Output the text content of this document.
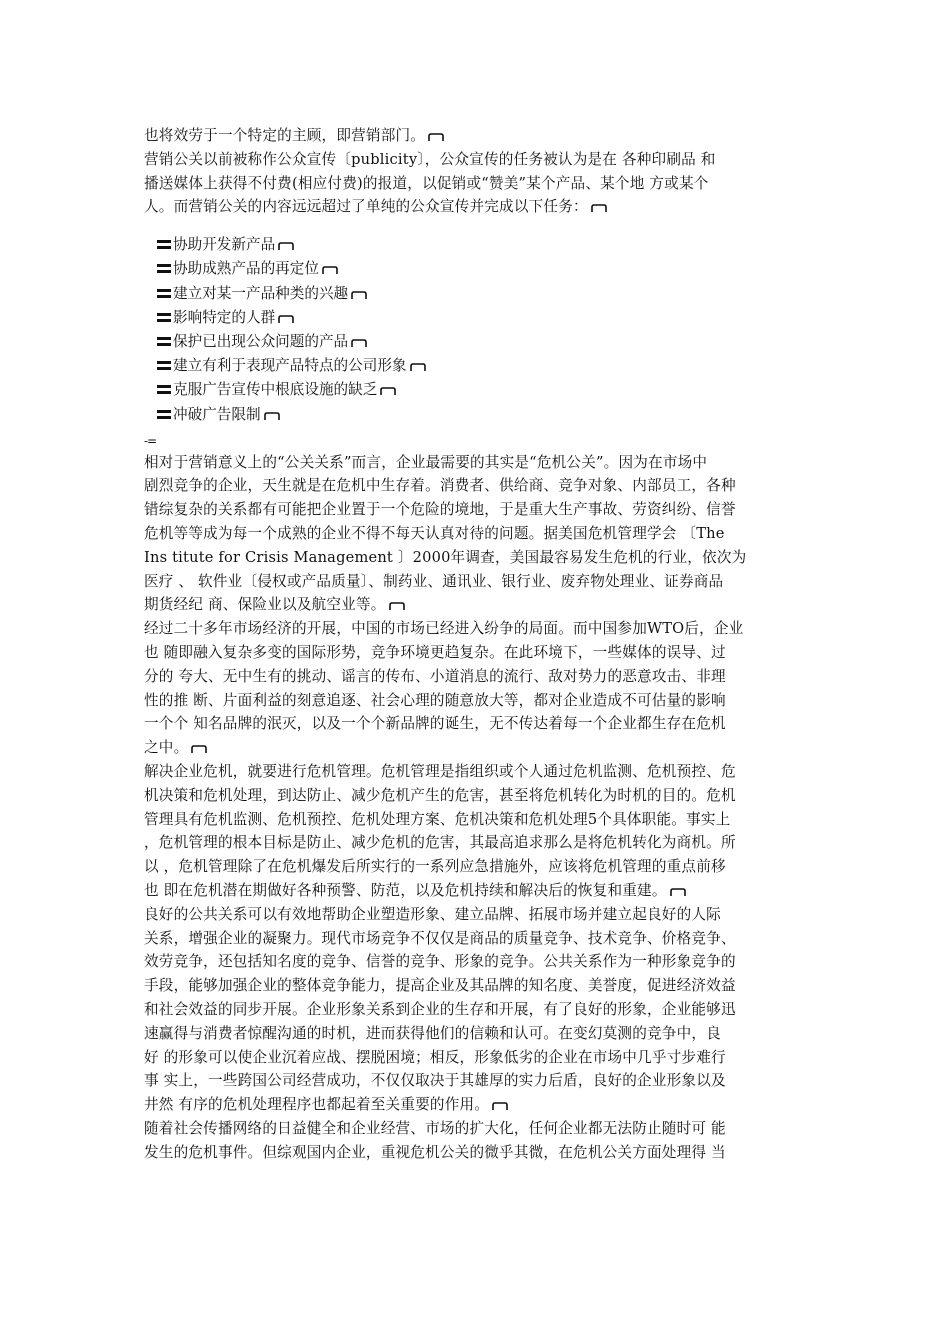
也将效劳于一个特定的主顾，即营销部门。
营销公关以前被称作公众宣传〔publicity〕，公众宣传的任务被认为是在 各种印刷品 和
播送媒体上获得不付费(相应付费)的报道，以促销或“赞美”某个产品、某个地 方或某个
人。而营销公关的内容远远超过了单纯的公众宣传并完成以下任务：
协助开发新产品
协助成熟产品的再定位
建立对某一产品种类的兴趣
影响特定的人群
保护已出现公众问题的产品
建立有利于表现产品特点的公司形象
克服广告宣传中根底设施的缺乏
冲破广告限制
-=
相对于营销意义上的“公关关系”而言，企业最需要的其实是“危机公关”。因为在市场中
剧烈竞争的企业，天生就是在危机中生存着。消费者、供给商、竞争对象、内部员工，各种
错综复杂的关系都有可能把企业置于一个危险的境地，于是重大生产事故、劳资纠纷、信誉
危机等等成为每一个成熟的企业不得不每天认真对待的问题。据美国危机管理学会 〔The
Ins titute for Crisis Management 〕2000年调查，美国最容易发生危机的行业，依次为
医疗 、 软件业〔侵权或产品质量〕、制药业、通讯业、银行业、废弃物处理业、证券商品
期货经纪 商、保险业以及航空业等。
经过二十多年市场经济的开展，中国的市场已经进入纷争的局面。而中国参加WTO后，企业
也 随即融入复杂多变的国际形势，竞争环境更趋复杂。在此环境下，一些媒体的误导、过
分的 夸大、无中生有的挑动、谣言的传布、小道消息的流行、敌对势力的恶意攻击、非理
性的推 断、片面利益的刻意追逐、社会心理的随意放大等，都对企业造成不可估量的影响
一个个 知名品牌的泯灭，以及一个个新品牌的诞生，无不传达着每一个企业都生存在危机
之中。
解决企业危机，就要进行危机管理。危机管理是指组织或个人通过危机监测、危机预控、危
机决策和危机处理，到达防止、减少危机产生的危害，甚至将危机转化为时机的目的。危机
管理具有危机监测、危机预控、危机处理方案、危机决策和危机处理5个具体职能。事实上
，危机管理的根本目标是防止、减少危机的危害，其最高追求那么是将危机转化为商机。所
以 ，危机管理除了在危机爆发后所实行的一系列应急措施外，应该将危机管理的重点前移
也 即在危机潜在期做好各种预警、防范，以及危机持续和解决后的恢复和重建。
良好的公共关系可以有效地帮助企业塑造形象、建立品牌、拓展市场并建立起良好的人际
关系，增强企业的凝聚力。现代市场竞争不仅仅是商品的质量竞争、技术竞争、价格竞争、
效劳竞争，还包括知名度的竞争、信誉的竞争、形象的竞争。公共关系作为一种形象竞争的
手段，能够加强企业的整体竞争能力，提高企业及其品牌的知名度、美誉度，促进经济效益
和社会效益的同步开展。企业形象关系到企业的生存和开展，有了良好的形象，企业能够迅
速赢得与消费者惊醒沟通的时机，进而获得他们的信赖和认可。在变幻莫测的竞争中，良
好 的形象可以使企业沉着应战、摆脱困境；相反，形象低劣的企业在市场中几乎寸步难行
事 实上，一些跨国公司经营成功，不仅仅取决于其雄厚的实力后盾，良好的企业形象以及
井然 有序的危机处理程序也都起着至关重要的作用。
随着社会传播网络的日益健全和企业经营、市场的扩大化，任何企业都无法防止随时可 能
发生的危机事件。但综观国内企业，重视危机公关的微乎其微，在危机公关方面处理得 当
